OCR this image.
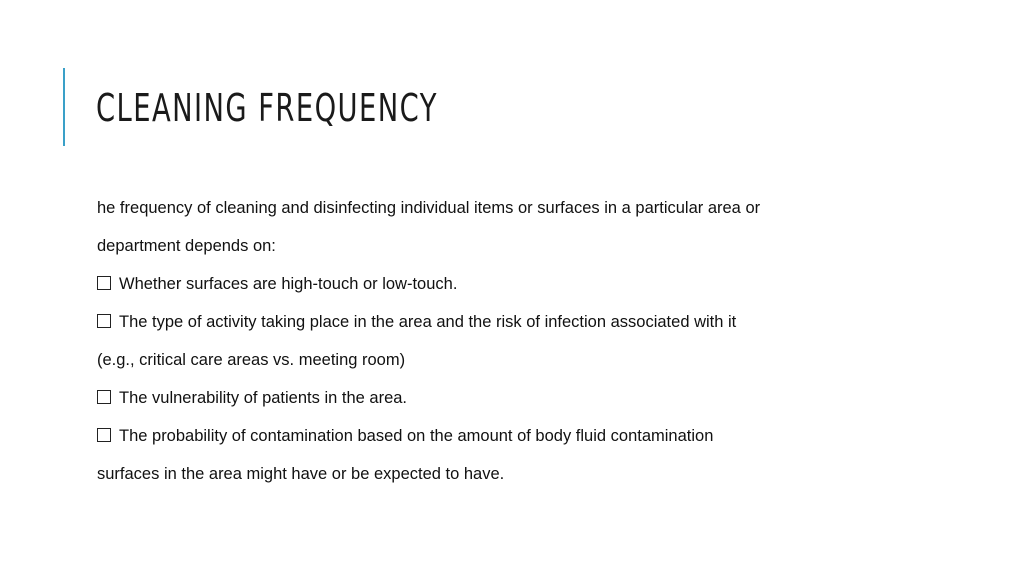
CLEANING FREQUENCY
he frequency of cleaning and disinfecting individual items or surfaces in a particular area or
department depends on:
Whether surfaces are high-touch or low-touch.
The type of activity taking place in the area and the risk of infection associated with it
(e.g., critical care areas vs. meeting room)
The vulnerability of patients in the area.
The probability of contamination based on the amount of body fluid contamination
surfaces in the area might have or be expected to have.
